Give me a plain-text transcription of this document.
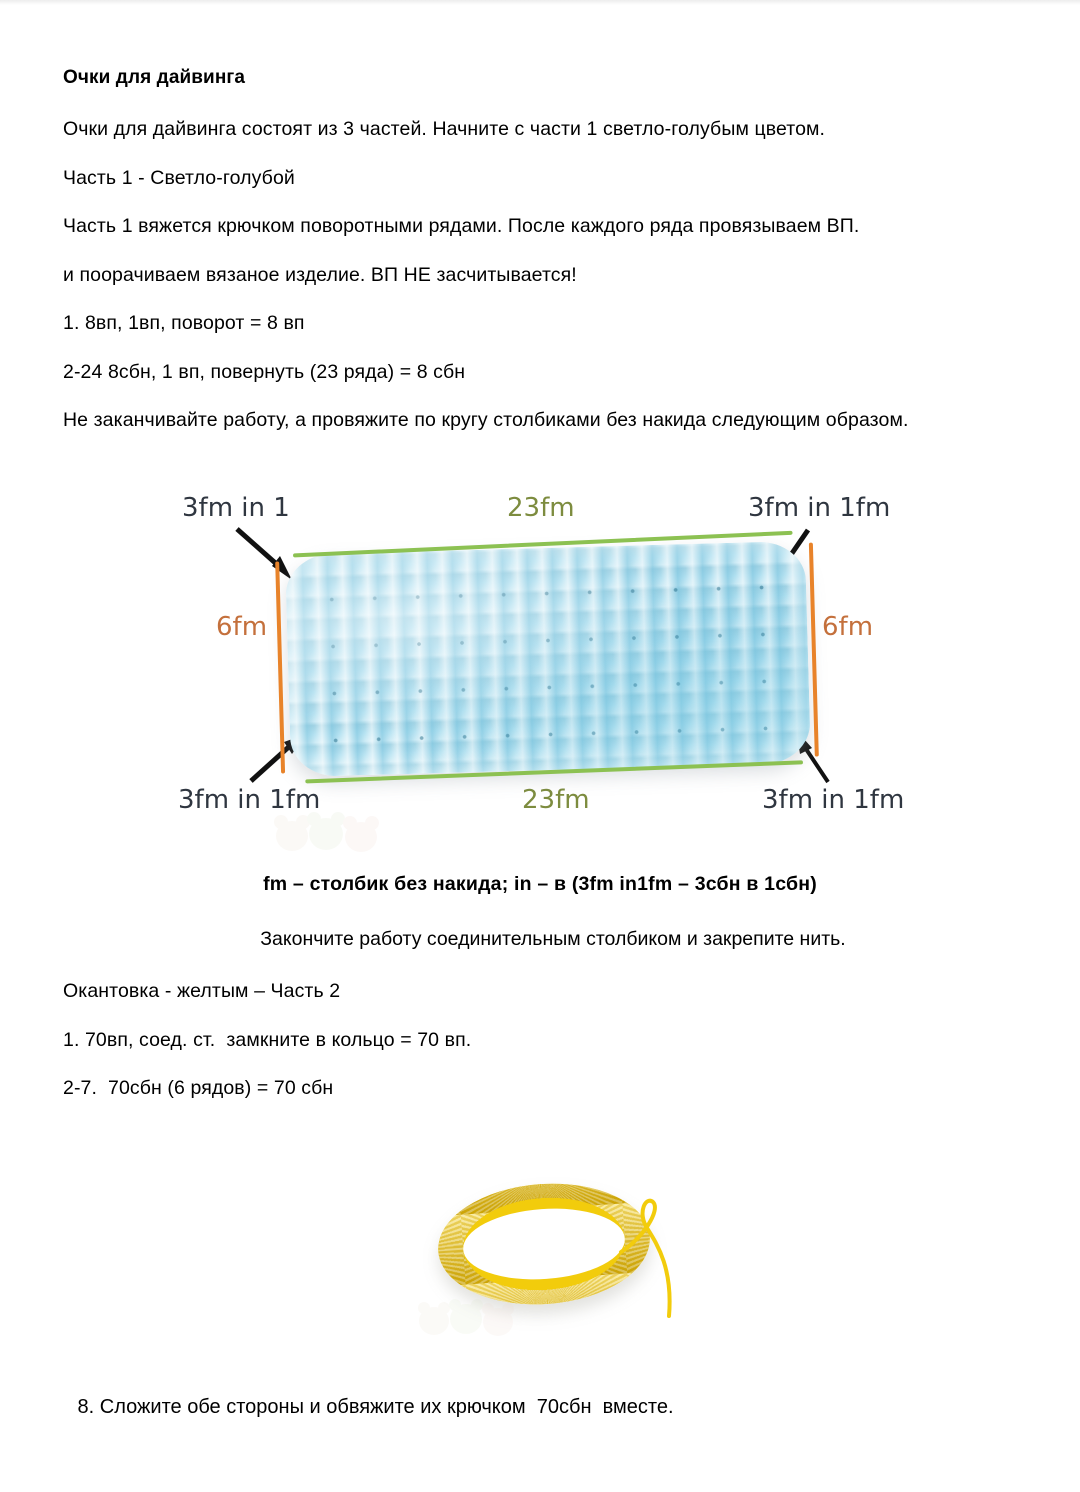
Очки для дайвинга

Очки для дайвинга состоят из 3 частей. Начните с части 1 светло-голубым цветом.

Часть 1 - Светло-голубой

Часть 1 вяжется крючком поворотными рядами. После каждого ряда провязываем ВП.

и поорачиваем вязаное изделие. ВП НЕ засчитывается!

1. 8вп, 1вп, поворот = 8 вп

2-24 8сбн, 1 вп, повернуть (23 ряда) = 8 сбн

Не заканчивайте работу, а провяжите по кругу столбиками без накида следующим образом.

3fm in 1	23fm	3fm in 1fm
3fm in 1fm	23fm	3fm in 1fm
6fm	6fm
fm – столбик без накида; in – в (3fm in1fm – 3сбн в 1сбн)
Закончите работу соединительным столбиком и закрепите нить.

Окантовка - желтым – Часть 2

1. 70вп, соед. ст.  замкните в кольцо = 70 вп.

2-7.  70сбн (6 рядов) = 70 сбн

8. Сложите обе стороны и обвяжите их крючком  70сбн  вместе.
